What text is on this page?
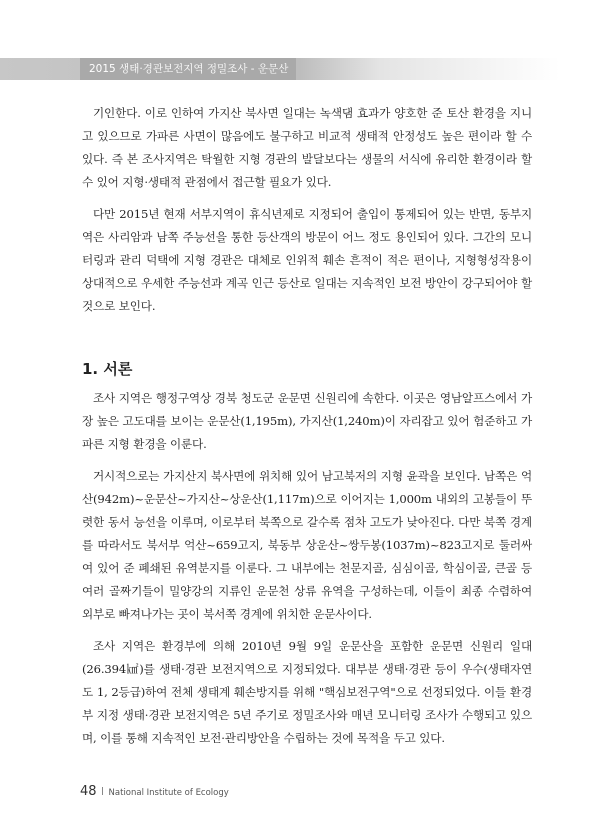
2015 생태·경관보전지역 정밀조사 - 운문산

기인한다. 이로 인하여 가지산 북사면 일대는 녹색댐 효과가 양호한 준 토산 환경을 지니고 있으므로 가파른 사면이 많음에도 불구하고 비교적 생태적 안정성도 높은 편이라 할 수 있다. 즉 본 조사지역은 탁월한 지형 경관의 발달보다는 생물의 서식에 유리한 환경이라 할 수 있어 지형·생태적 관점에서 접근할 필요가 있다.

다만 2015년 현재 서부지역이 휴식년제로 지정되어 출입이 통제되어 있는 반면, 동부지역은 사리암과 남쪽 주능선을 통한 등산객의 방문이 어느 정도 용인되어 있다. 그간의 모니터링과 관리 덕택에 지형 경관은 대체로 인위적 훼손 흔적이 적은 편이나, 지형형성작용이 상대적으로 우세한 주능선과 계곡 인근 등산로 일대는 지속적인 보전 방안이 강구되어야 할 것으로 보인다.

1. 서론

조사 지역은 행정구역상 경북 청도군 운문면 신원리에 속한다. 이곳은 영남알프스에서 가장 높은 고도대를 보이는 운문산(1,195m), 가지산(1,240m)이 자리잡고 있어 험준하고 가파른 지형 환경을 이룬다.

거시적으로는 가지산지 북사면에 위치해 있어 남고북저의 지형 윤곽을 보인다. 남쪽은 억산(942m)~운문산~가지산~상운산(1,117m)으로 이어지는 1,000m 내외의 고봉들이 뚜렷한 동서 능선을 이루며, 이로부터 북쪽으로 갈수록 점차 고도가 낮아진다. 다만 북쪽 경계를 따라서도 북서부 억산~659고지, 북동부 상운산~쌍두봉(1037m)~823고지로 둘러싸여 있어 준 폐쇄된 유역분지를 이룬다. 그 내부에는 천문지골, 심심이골, 학심이골, 큰골 등 여러 골짜기들이 밀양강의 지류인 운문천 상류 유역을 구성하는데, 이들이 최종 수렴하여 외부로 빠져나가는 곳이 북서쪽 경계에 위치한 운문사이다.

조사 지역은 환경부에 의해 2010년 9월 9일 운문산을 포함한 운문면 신원리 일대(26.394㎢)를 생태·경관 보전지역으로 지정되었다. 대부분 생태·경관 등이 우수(생태자연도 1, 2등급)하여 전체 생태계 훼손방지를 위해 "핵심보전구역"으로 선정되었다. 이들 환경부 지정 생태·경관 보전지역은 5년 주기로 정밀조사와 매년 모니터링 조사가 수행되고 있으며, 이를 통해 지속적인 보전·관리방안을 수립하는 것에 목적을 두고 있다.

48 National Institute of Ecology
